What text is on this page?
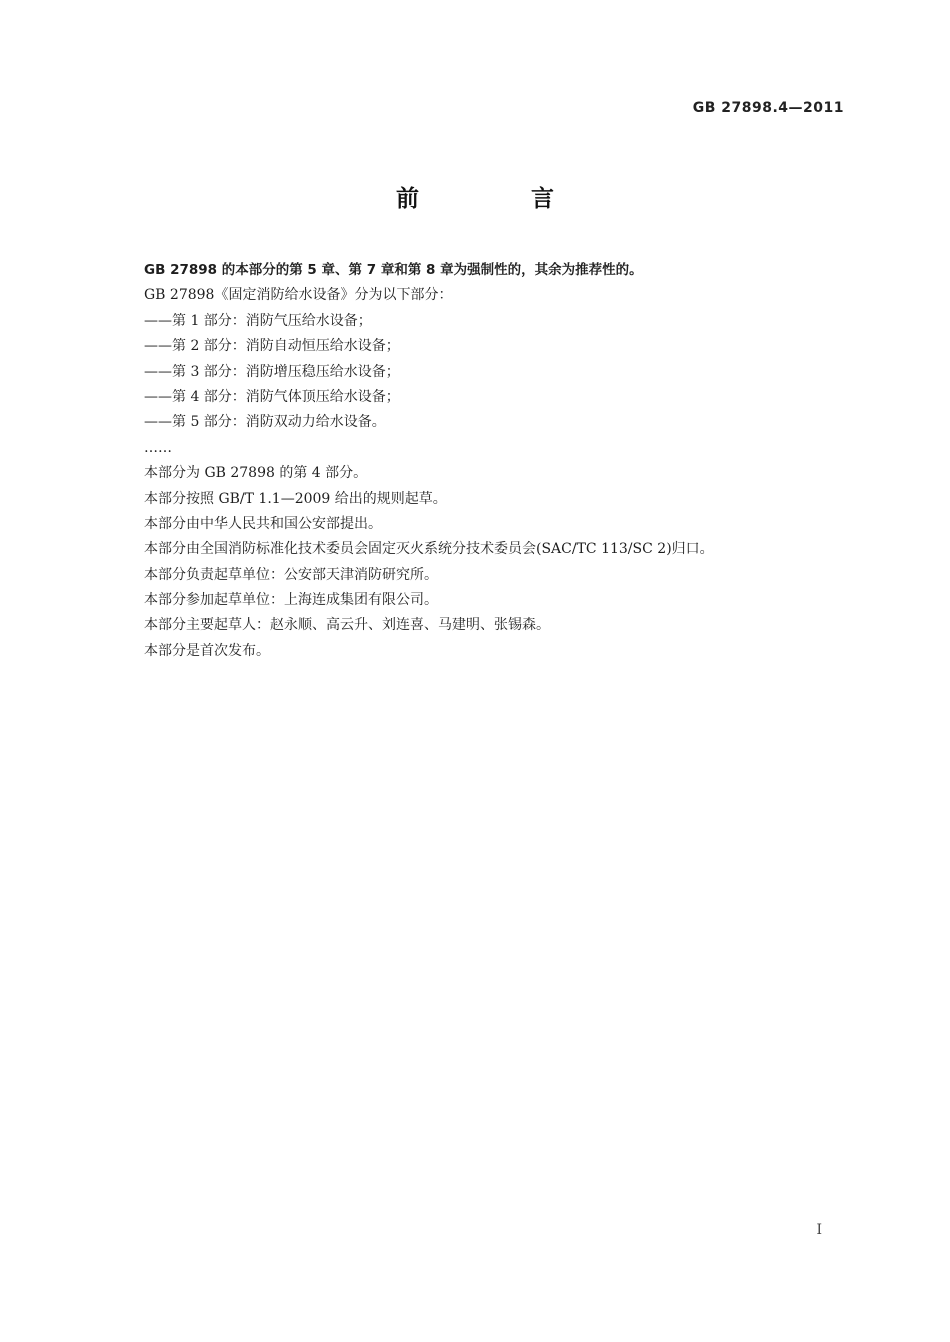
GB 27898.4—2011
前 言
GB 27898 的本部分的第 5 章、第 7 章和第 8 章为强制性的，其余为推荐性的。
GB 27898《固定消防给水设备》分为以下部分：
——第 1 部分：消防气压给水设备；
——第 2 部分：消防自动恒压给水设备；
——第 3 部分：消防增压稳压给水设备；
——第 4 部分：消防气体顶压给水设备；
——第 5 部分：消防双动力给水设备。
……
本部分为 GB 27898 的第 4 部分。
本部分按照 GB/T 1.1—2009 给出的规则起草。
本部分由中华人民共和国公安部提出。
本部分由全国消防标准化技术委员会固定灭火系统分技术委员会(SAC/TC 113/SC 2)归口。
本部分负责起草单位：公安部天津消防研究所。
本部分参加起草单位：上海连成集团有限公司。
本部分主要起草人：赵永顺、高云升、刘连喜、马建明、张锡森。
本部分是首次发布。
I
